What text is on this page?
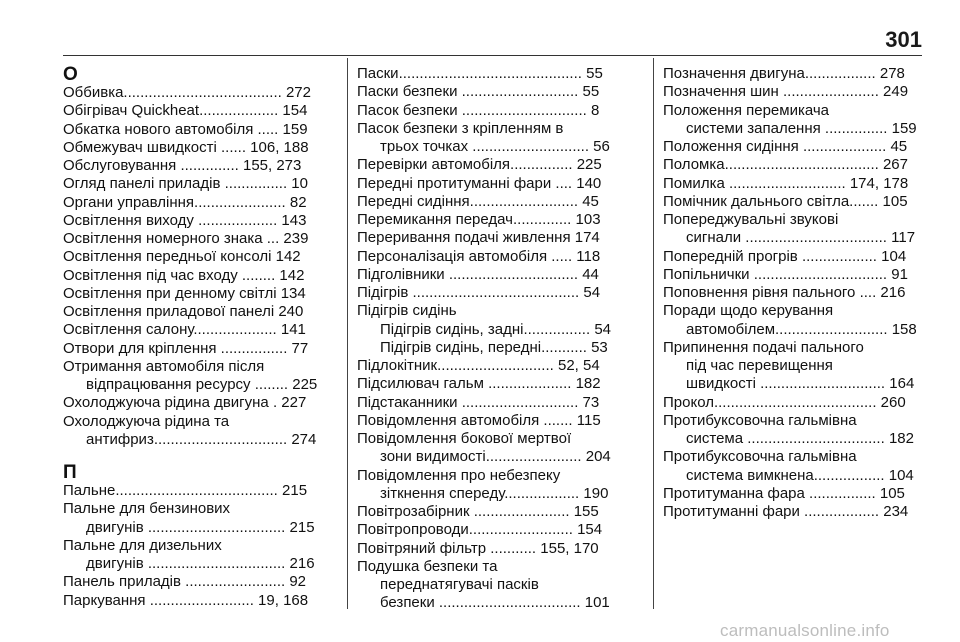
301
О
Оббивка...................................... 272
Обігрівач Quickheat................... 154
Обкатка нового автомобіля ..... 159
Обмежувач швидкості ...... 106, 188
Обслуговування .............. 155, 273
Огляд панелі приладів ............... 10
Органи управління...................... 82
Освітлення виходу ................... 143
Освітлення номерного знака ... 239
Освітлення передньої консолі 142
Освітлення під час входу ........ 142
Освітлення при денному світлі 134
Освітлення приладової панелі 240
Освітлення салону.................... 141
Отвори для кріплення ................ 77
Отримання автомобіля після
відпрацювання ресурсу ........ 225
Охолоджуюча рідина двигуна . 227
Охолоджуюча рідина та
антифриз................................ 274
П
Пальне....................................... 215
Пальне для бензинових
двигунів ................................. 215
Пальне для дизельних
двигунів ................................. 216
Панель приладів ........................ 92
Паркування ......................... 19, 168
Паски............................................ 55
Паски безпеки ............................ 55
Пасок безпеки .............................. 8
Пасок безпеки з кріпленням в
трьох точках ............................ 56
Перевірки автомобіля............... 225
Передні протитуманні фари .... 140
Передні сидіння.......................... 45
Перемикання передач.............. 103
Переривання подачі живлення 174
Персоналізація автомобіля ..... 118
Підголівники ............................... 44
Підігрів ........................................ 54
Підігрів сидінь
Підігрів сидінь, задні................ 54
Підігрів сидінь, передні........... 53
Підлокітник............................ 52, 54
Підсилювач гальм .................... 182
Підстаканники ............................ 73
Повідомлення автомобіля ....... 115
Повідомлення бокової мертвої
зони видимості....................... 204
Повідомлення про небезпеку
зіткнення спереду.................. 190
Повітрозабірник ....................... 155
Повітропроводи......................... 154
Повітряний фільтр ........... 155, 170
Подушка безпеки та
переднатягувачі пасків
безпеки .................................. 101
Позначення двигуна................. 278
Позначення шин ....................... 249
Положення перемикача
системи запалення ............... 159
Положення сидіння .................... 45
Поломка..................................... 267
Помилка ............................ 174, 178
Помічник дальнього світла....... 105
Попереджувальні звукові
сигнали .................................. 117
Попередній прогрів .................. 104
Попільнички ................................ 91
Поповнення рівня пального .... 216
Поради щодо керування
автомобілем........................... 158
Припинення подачі пального
під час перевищення
швидкості .............................. 164
Прокол....................................... 260
Протибуксовочна гальмівна
система ................................. 182
Протибуксовочна гальмівна
система вимкнена................. 104
Протитуманна фара ................ 105
Протитуманні фари .................. 234
carmanualsonline.info
